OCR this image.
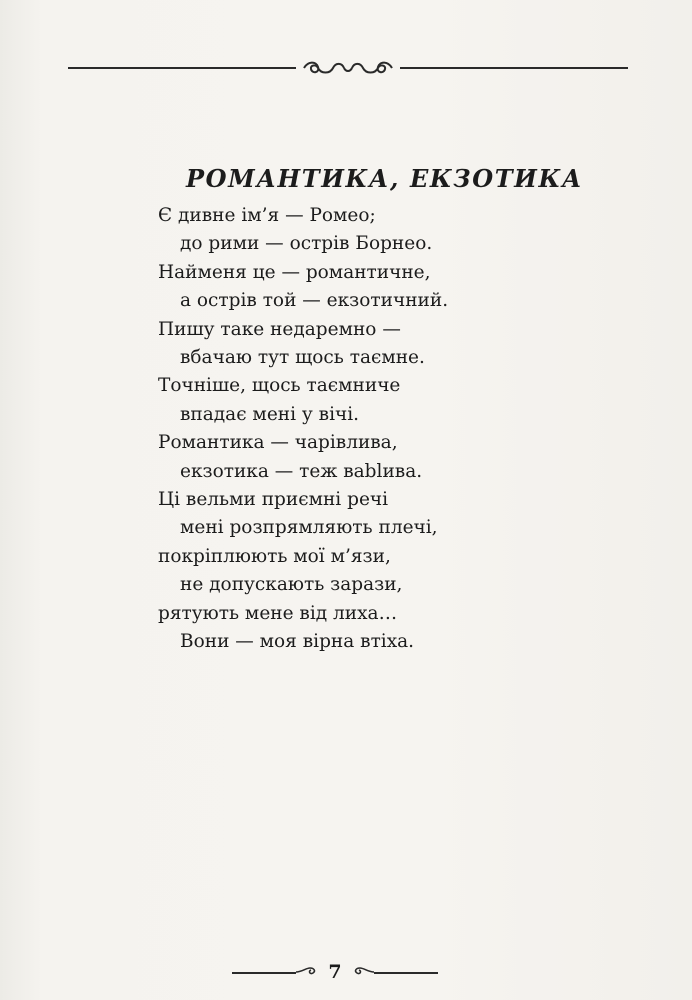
РОМАНТИКА, ЕКЗОТИКА
Є дивне ім’я — Ромео;
до рими — острів Борнео.
Найменя це — романтичне,
а острів той — екзотичний.
Пишу таке недаремно —
вбачаю тут щось таємне.
Точніше, щось таємниче
впадає мені у вічі.
Романтика — чарівлива,
екзотика — теж вablива.
Ці вельми приємні речі
мені розпрямляють плечі,
покріплюють мої м’язи,
не допускають зарази,
рятують мене від лиха…
Вони — моя вірна втіха.
7
